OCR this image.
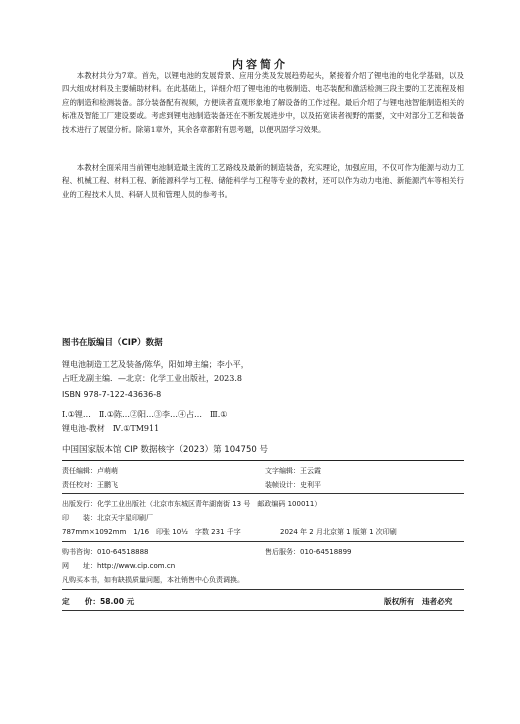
内容简介

本教材共分为7章。首先，以锂电池的发展背景、应用分类及发展趋势起头，紧接着介绍了锂电池的电化学基础，以及四大组成材料及主要辅助材料。在此基础上，详细介绍了锂电池的电极制造、电芯装配和激活检测三段主要的工艺流程及相应的制造和检测装备。部分装备配有视频，方便读者直观形象地了解设备的工作过程。最后介绍了与锂电池智能制造相关的标准及智能工厂建设要或。考虑到锂电池制造装备还在不断发展进步中，以及拓宽读者视野的需要，文中对部分工艺和装备技术进行了展望分析。除第1章外，其余各章都附有思考题，以便巩固学习效果。

本教材全面采用当前锂电池制造最主流的工艺路线及最新的制造装备，充实理论，加强应用，不仅可作为能源与动力工程、机械工程、材料工程、新能源科学与工程、储能科学与工程等专业的教材，还可以作为动力电池、新能源汽车等相关行业的工程技术人员、科研人员和管理人员的参考书。

图书在版编目（CIP）数据
锂电池制造工艺及装备/陈华，阳如坤主编；李小平，
占旺龙副主编．—北京：化学工业出版社，2023.8
ISBN 978-7-122-43636-8
Ⅰ.①锂…　Ⅱ.①陈…②阳…③李…④占…　Ⅲ.①
锂电池-教材　Ⅳ.①TM911
中国国家版本馆 CIP 数据核字（2023）第 104750 号
责任编辑：卢萌萌	文字编辑：王云霞
责任校对：王鹏飞	装帧设计：史利平
出版发行：化学工业出版社（北京市东城区青年湖南街 13 号　邮政编码 100011）
印　　装：北京天宇星印刷厂
787mm×1092mm　1/16　印张 10½　字数 231 千字	2024 年 2 月北京第 1 版第 1 次印刷
购书咨询：010-64518888	售后服务：010-64518899
网　　址：http://www.cip.com.cn
凡购买本书，如有缺损质量问题，本社销售中心负责调换。
定　　价：58.00 元	版权所有　违者必究
